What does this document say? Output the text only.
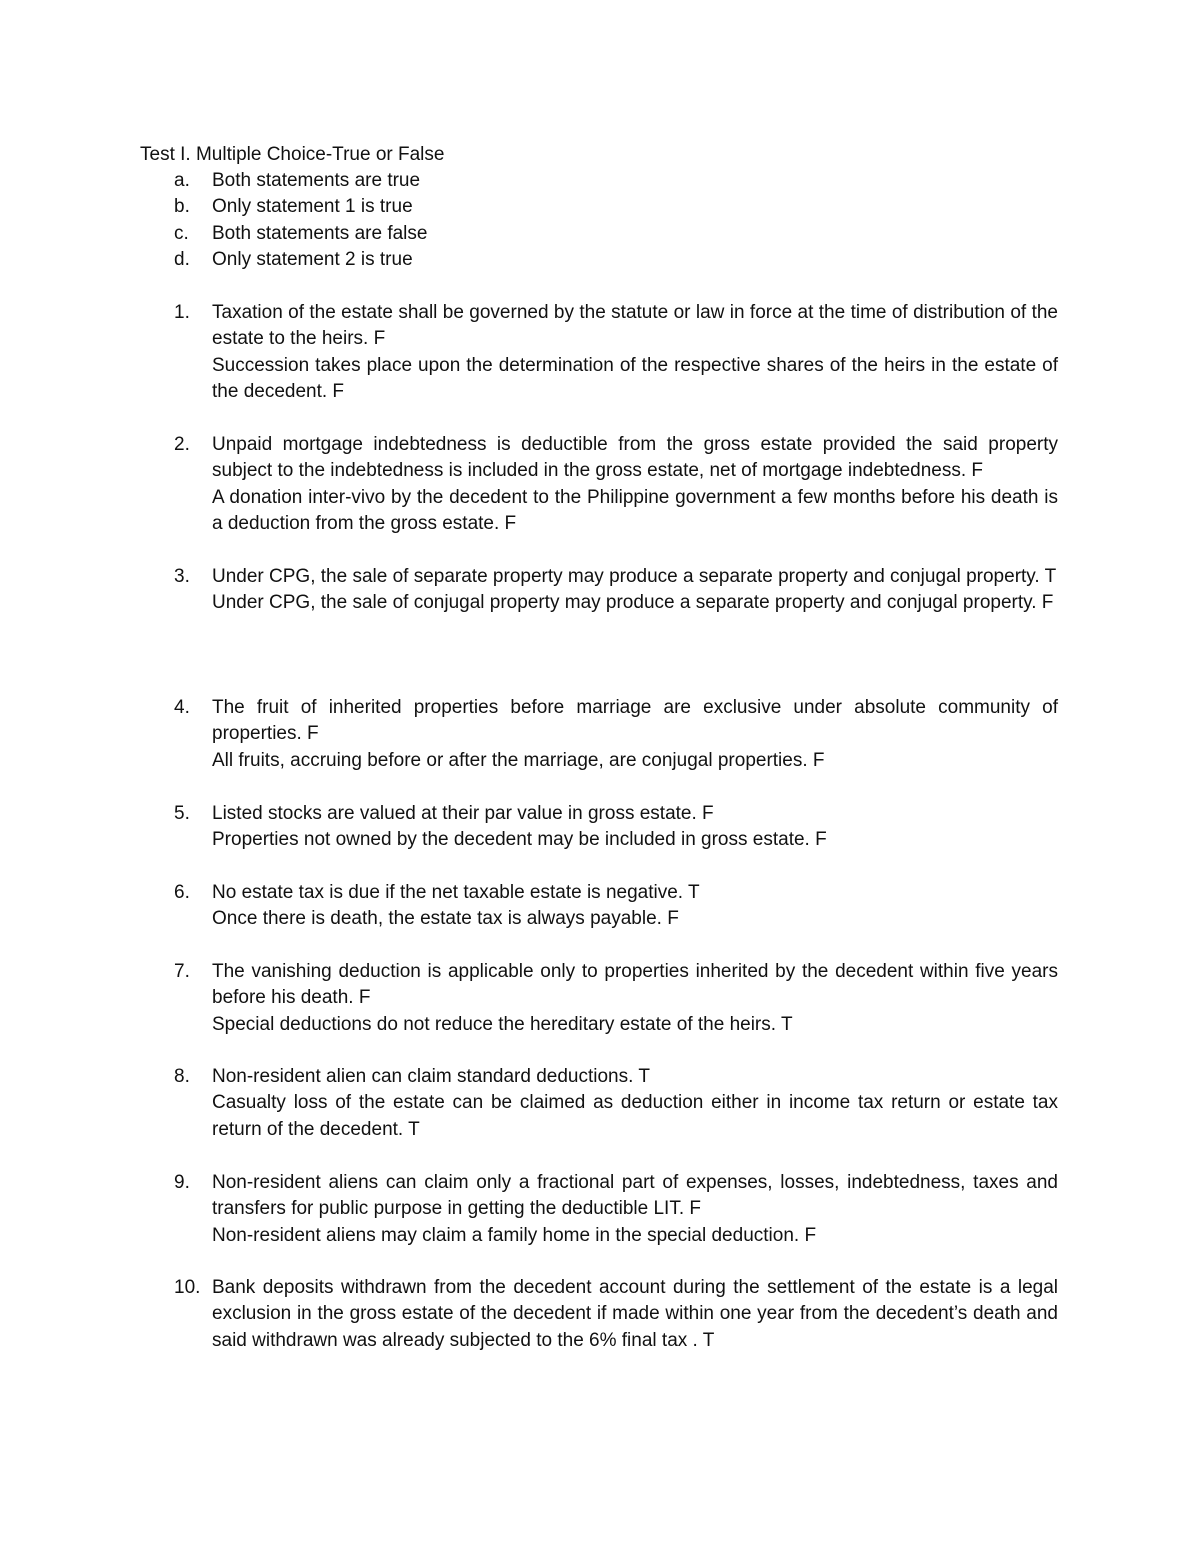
Test I. Multiple Choice-True or False
a. Both statements are true
b. Only statement 1 is true
c. Both statements are false
d. Only statement 2 is true
1. Taxation of the estate shall be governed by the statute or law in force at the time of distribution of the estate to the heirs. F

Succession takes place upon the determination of the respective shares of the heirs in the estate of the decedent. F

2. Unpaid mortgage indebtedness is deductible from the gross estate provided the said property subject to the indebtedness is included in the gross estate, net of mortgage indebtedness. F

A donation inter-vivo by the decedent to the Philippine government a few months before his death is a deduction from the gross estate. F

3. Under CPG, the sale of separate property may produce a separate property and conjugal property. T

Under CPG, the sale of conjugal property may produce a separate property and conjugal property. F

4. The fruit of inherited properties before marriage are exclusive under absolute community of properties. F

All fruits, accruing before or after the marriage, are conjugal properties. F

5. Listed stocks are valued at their par value in gross estate. F

Properties not owned by the decedent may be included in gross estate. F

6. No estate tax is due if the net taxable estate is negative. T

Once there is death, the estate tax is always payable. F

7. The vanishing deduction is applicable only to properties inherited by the decedent within five years before his death. F

Special deductions do not reduce the hereditary estate of the heirs. T

8. Non-resident alien can claim standard deductions. T

Casualty loss of the estate can be claimed as deduction either in income tax return or estate tax return of the decedent. T

9. Non-resident aliens can claim only a fractional part of expenses, losses, indebtedness, taxes and transfers for public purpose in getting the deductible LIT. F

Non-resident aliens may claim a family home in the special deduction. F

10. Bank deposits withdrawn from the decedent account during the settlement of the estate is a legal exclusion in the gross estate of the decedent if made within one year from the decedent’s death and said withdrawn was already subjected to the 6% final tax . T
